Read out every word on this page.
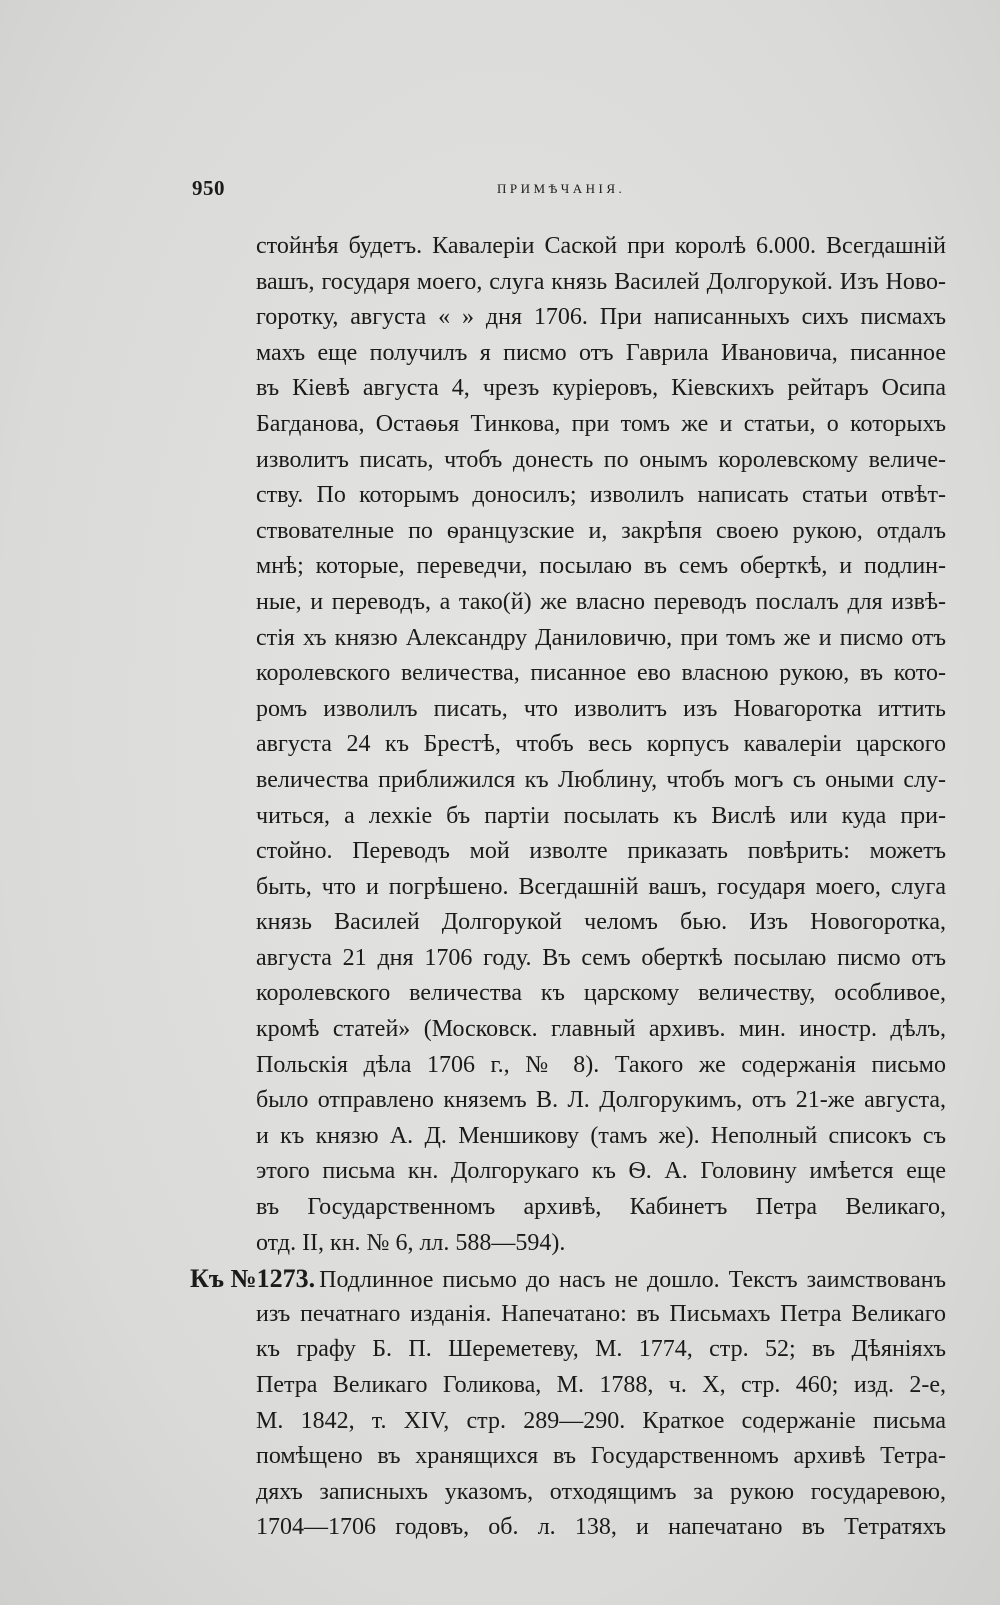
950	ПРИМѢЧАНІЯ.
стойнѣя будетъ. Кавалеріи Саской при королѣ 6.000. Всегдашній
вашъ, государя моего, слуга князь Василей Долгорукой. Изъ Ново-
горотку, августа « » дня 1706. При написанныхъ сихъ писмахъ
махъ еще получилъ я писмо отъ Гаврила Ивановича, писанное
въ Кіевѣ августа 4, чрезъ куріеровъ, Кіевскихъ рейтаръ Осипа
Багданова, Остаѳья Тинкова, при томъ же и статьи, о которыхъ
изволитъ писать, чтобъ донесть по онымъ королевскому величе-
ству. По которымъ доносилъ; изволилъ написать статьи отвѣт-
ствователные по ѳранцузские и, закрѣпя своею рукою, отдалъ
мнѣ; которые, переведчи, посылаю въ семъ оберткѣ, и подлин-
ные, и переводъ, а тако(й) же власно переводъ послалъ для извѣ-
стія хъ князю Александру Даниловичю, при томъ же и писмо отъ
королевского величества, писанное ево власною рукою, въ кото-
ромъ изволилъ писать, что изволитъ изъ Новагоротка иттить
августа 24 къ Брестѣ, чтобъ весь корпусъ кавалеріи царского
величества приближился къ Люблину, чтобъ могъ съ оными слу-
читься, а лехкіе бъ партіи посылать къ Вислѣ или куда при-
стойно. Переводъ мой изволте приказать повѣрить: можетъ
быть, что и погрѣшено. Всегдашній вашъ, государя моего, слуга
князь Василей Долгорукой челомъ бью. Изъ Новогоротка,
августа 21 дня 1706 году. Въ семъ оберткѣ посылаю писмо отъ
королевского величества къ царскому величеству, особливое,
кромѣ статей» (Московск. главный архивъ. мин. иностр. дѣлъ,
Польскія дѣла 1706 г., № 8). Такого же содержанія письмо
было отправлено княземъ В. Л. Долгорукимъ, отъ 21-же августа,
и къ князю А. Д. Меншикову (тамъ же). Неполный списокъ съ
этого письма кн. Долгорукаго къ Ѳ. А. Головину имѣется еще
въ Государственномъ архивѣ, Кабинетъ Петра Великаго,
отд. II, кн. № 6, лл. 588—594).
Къ №1273. Подлинное письмо до насъ не дошло. Текстъ заимствованъ
изъ печатнаго изданія. Напечатано: въ Письмахъ Петра Великаго
къ графу Б. П. Шереметеву, М. 1774, стр. 52; въ Дѣяніяхъ
Петра Великаго Голикова, М. 1788, ч. X, стр. 460; изд. 2-е,
М. 1842, т. XIV, стр. 289—290. Краткое содержаніе письма
помѣщено въ хранящихся въ Государственномъ архивѣ Тетра-
дяхъ записныхъ указомъ, отходящимъ за рукою государевою,
1704—1706 годовъ, об. л. 138, и напечатано въ Тетратяхъ
